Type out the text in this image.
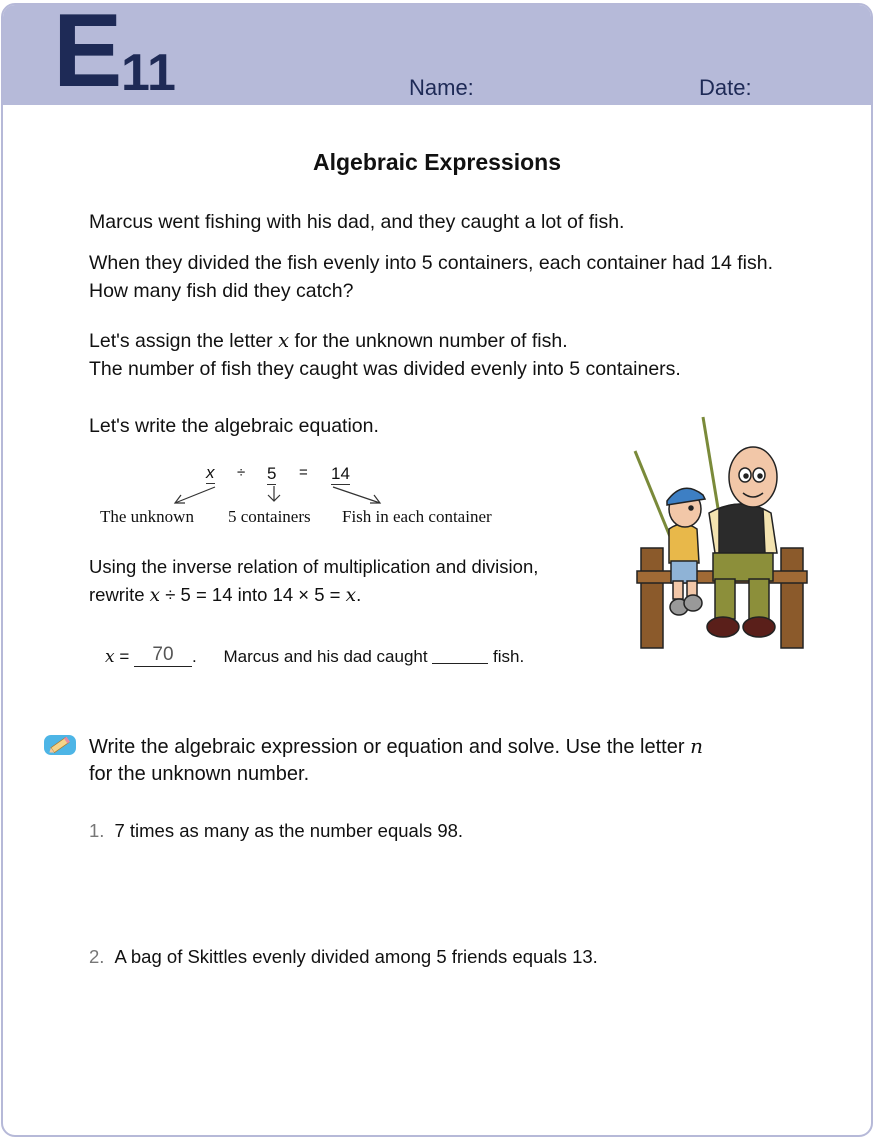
E 11	Name:	Date:
Algebraic Expressions
Marcus went fishing with his dad, and they caught a lot of fish.
When they divided the fish evenly into 5 containers, each container had 14 fish.
How many fish did they catch?
Let's assign the letter x for the unknown number of fish.
The number of fish they caught was divided evenly into 5 containers.
Let's write the algebraic equation.
x ÷ 5 = 14
The unknown 5 containers Fish in each container
Using the inverse relation of multiplication and division,
rewrite x ÷ 5 = 14 into 14 × 5 = x.
x = 70 . Marcus and his dad caught	fish.
Write the algebraic expression or equation and solve. Use the letter n
for the unknown number.
1. 7 times as many as the number equals 98.
2. A bag of Skittles evenly divided among 5 friends equals 13.
